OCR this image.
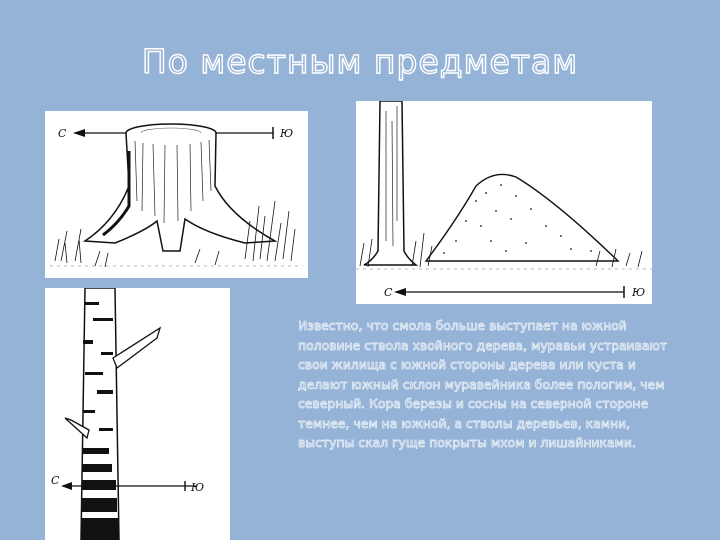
По местным предметам
С	Ю
С	Ю
С
Ю

Известно, что смола больше выступает на южной половине ствола хвойного дерева, муравьи устраивают свои жилища с южной стороны дерева или куста и делают южный склон муравейника более пологим, чем северный. Кора березы и сосны на северной стороне темнее, чем на южной, а стволы деревьев, камни, выступы скал гуще покрыты мхом и лишайниками.
